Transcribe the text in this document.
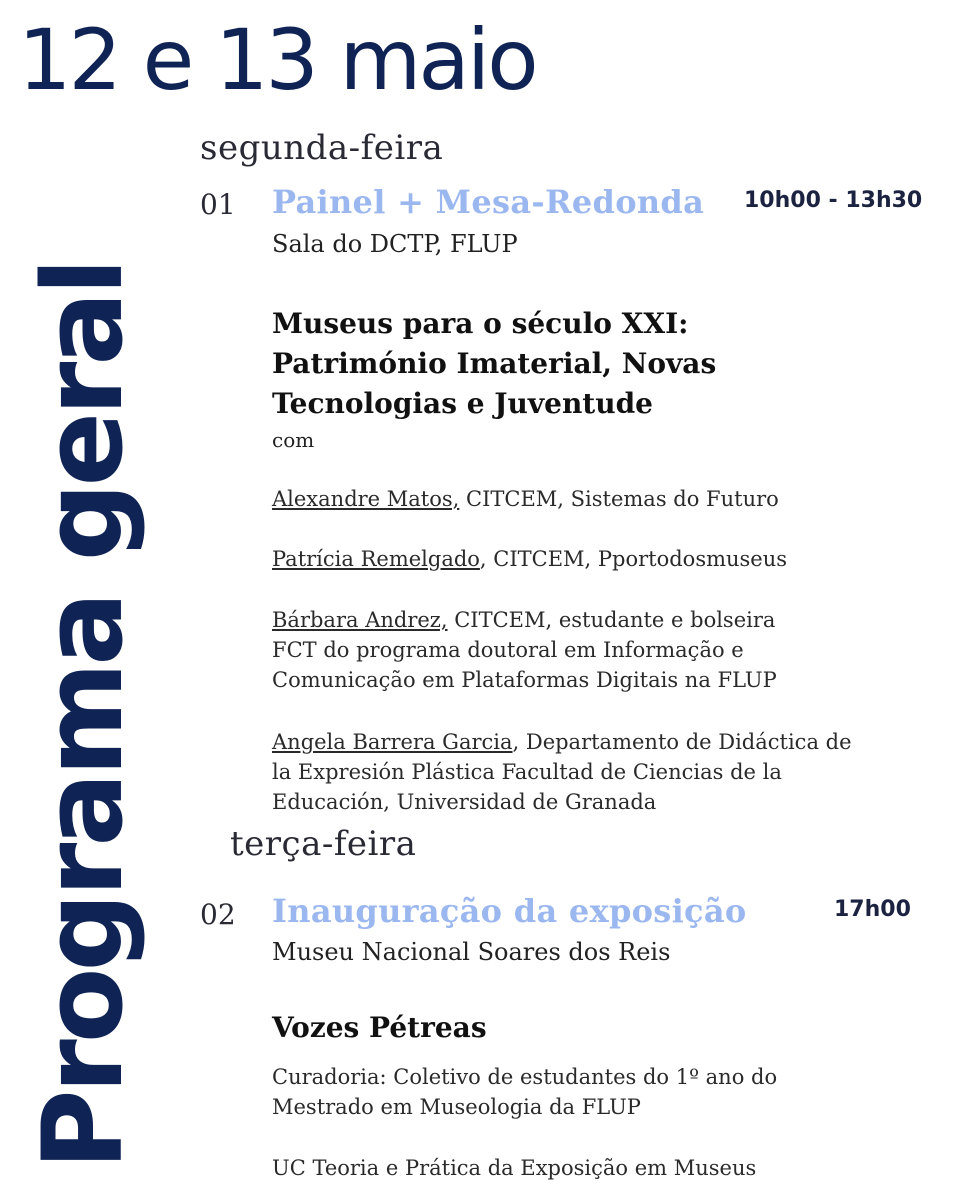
12 e 13 maio
Programa geral
segunda-feira
01 Painel + Mesa-Redonda 10h00 - 13h30
Sala do DCTP, FLUP
Museus para o século XXI:
Património Imaterial, Novas
Tecnologias e Juventude
com
Alexandre Matos, CITCEM, Sistemas do Futuro
Patrícia Remelgado, CITCEM, Pportodosmuseus
Bárbara Andrez, CITCEM, estudante e bolseira FCT do programa doutoral em Informação e Comunicação em Plataformas Digitais na FLUP
Angela Barrera Garcia, Departamento de Didáctica de la Expresión Plástica Facultad de Ciencias de la Educación, Universidad de Granada
terça-feira
02 Inauguração da exposição	17h00
Museu Nacional Soares dos Reis
Vozes Pétreas
Curadoria: Coletivo de estudantes do 1º ano do
Mestrado em Museologia da FLUP
UC Teoria e Prática da Exposição em Museus
